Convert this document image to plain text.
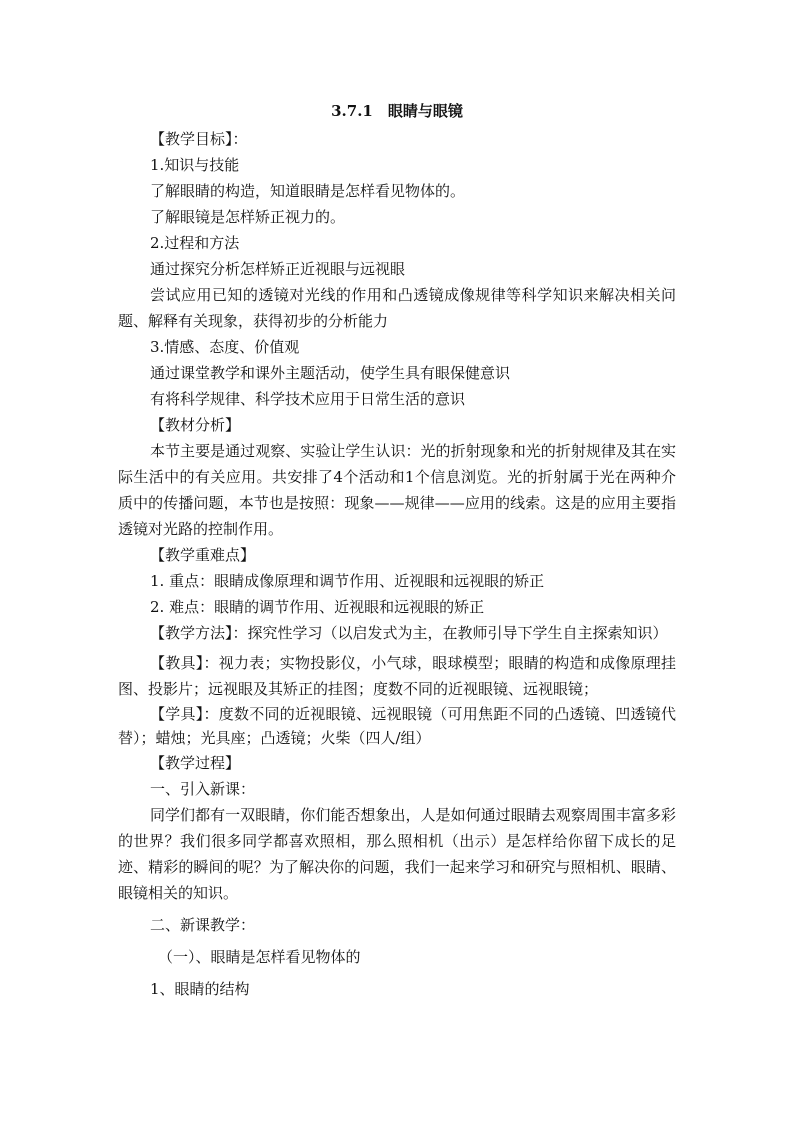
3.7.1　眼睛与眼镜

【教学目标】：

1.知识与技能

了解眼睛的构造，知道眼睛是怎样看见物体的。

了解眼镜是怎样矫正视力的。

2.过程和方法

通过探究分析怎样矫正近视眼与远视眼

尝试应用已知的透镜对光线的作用和凸透镜成像规律等科学知识来解决相关问题、解释有关现象，获得初步的分析能力

3.情感、态度、价值观

通过课堂教学和课外主题活动，使学生具有眼保健意识

有将科学规律、科学技术应用于日常生活的意识

【教材分析】

本节主要是通过观察、实验让学生认识：光的折射现象和光的折射规律及其在实际生活中的有关应用。共安排了4个活动和1个信息浏览。光的折射属于光在两种介质中的传播问题，本节也是按照：现象——规律——应用的线索。这是的应用主要指透镜对光路的控制作用。

【教学重难点】

1. 重点：眼睛成像原理和调节作用、近视眼和远视眼的矫正

2. 难点：眼睛的调节作用、近视眼和远视眼的矫正

【教学方法】：探究性学习（以启发式为主，在教师引导下学生自主探索知识）

【教具】：视力表；实物投影仪，小气球，眼球模型；眼睛的构造和成像原理挂图、投影片；远视眼及其矫正的挂图；度数不同的近视眼镜、远视眼镜；

【学具】：度数不同的近视眼镜、远视眼镜（可用焦距不同的凸透镜、凹透镜代替）；蜡烛；光具座；凸透镜；火柴（四人/组）

【教学过程】

一、引入新课：

同学们都有一双眼睛，你们能否想象出，人是如何通过眼睛去观察周围丰富多彩的世界？我们很多同学都喜欢照相，那么照相机（出示）是怎样给你留下成长的足迹、精彩的瞬间的呢？为了解决你的问题，我们一起来学习和研究与照相机、眼睛、眼镜相关的知识。

二、新课教学：

（一）、眼睛是怎样看见物体的

1、眼睛的结构
